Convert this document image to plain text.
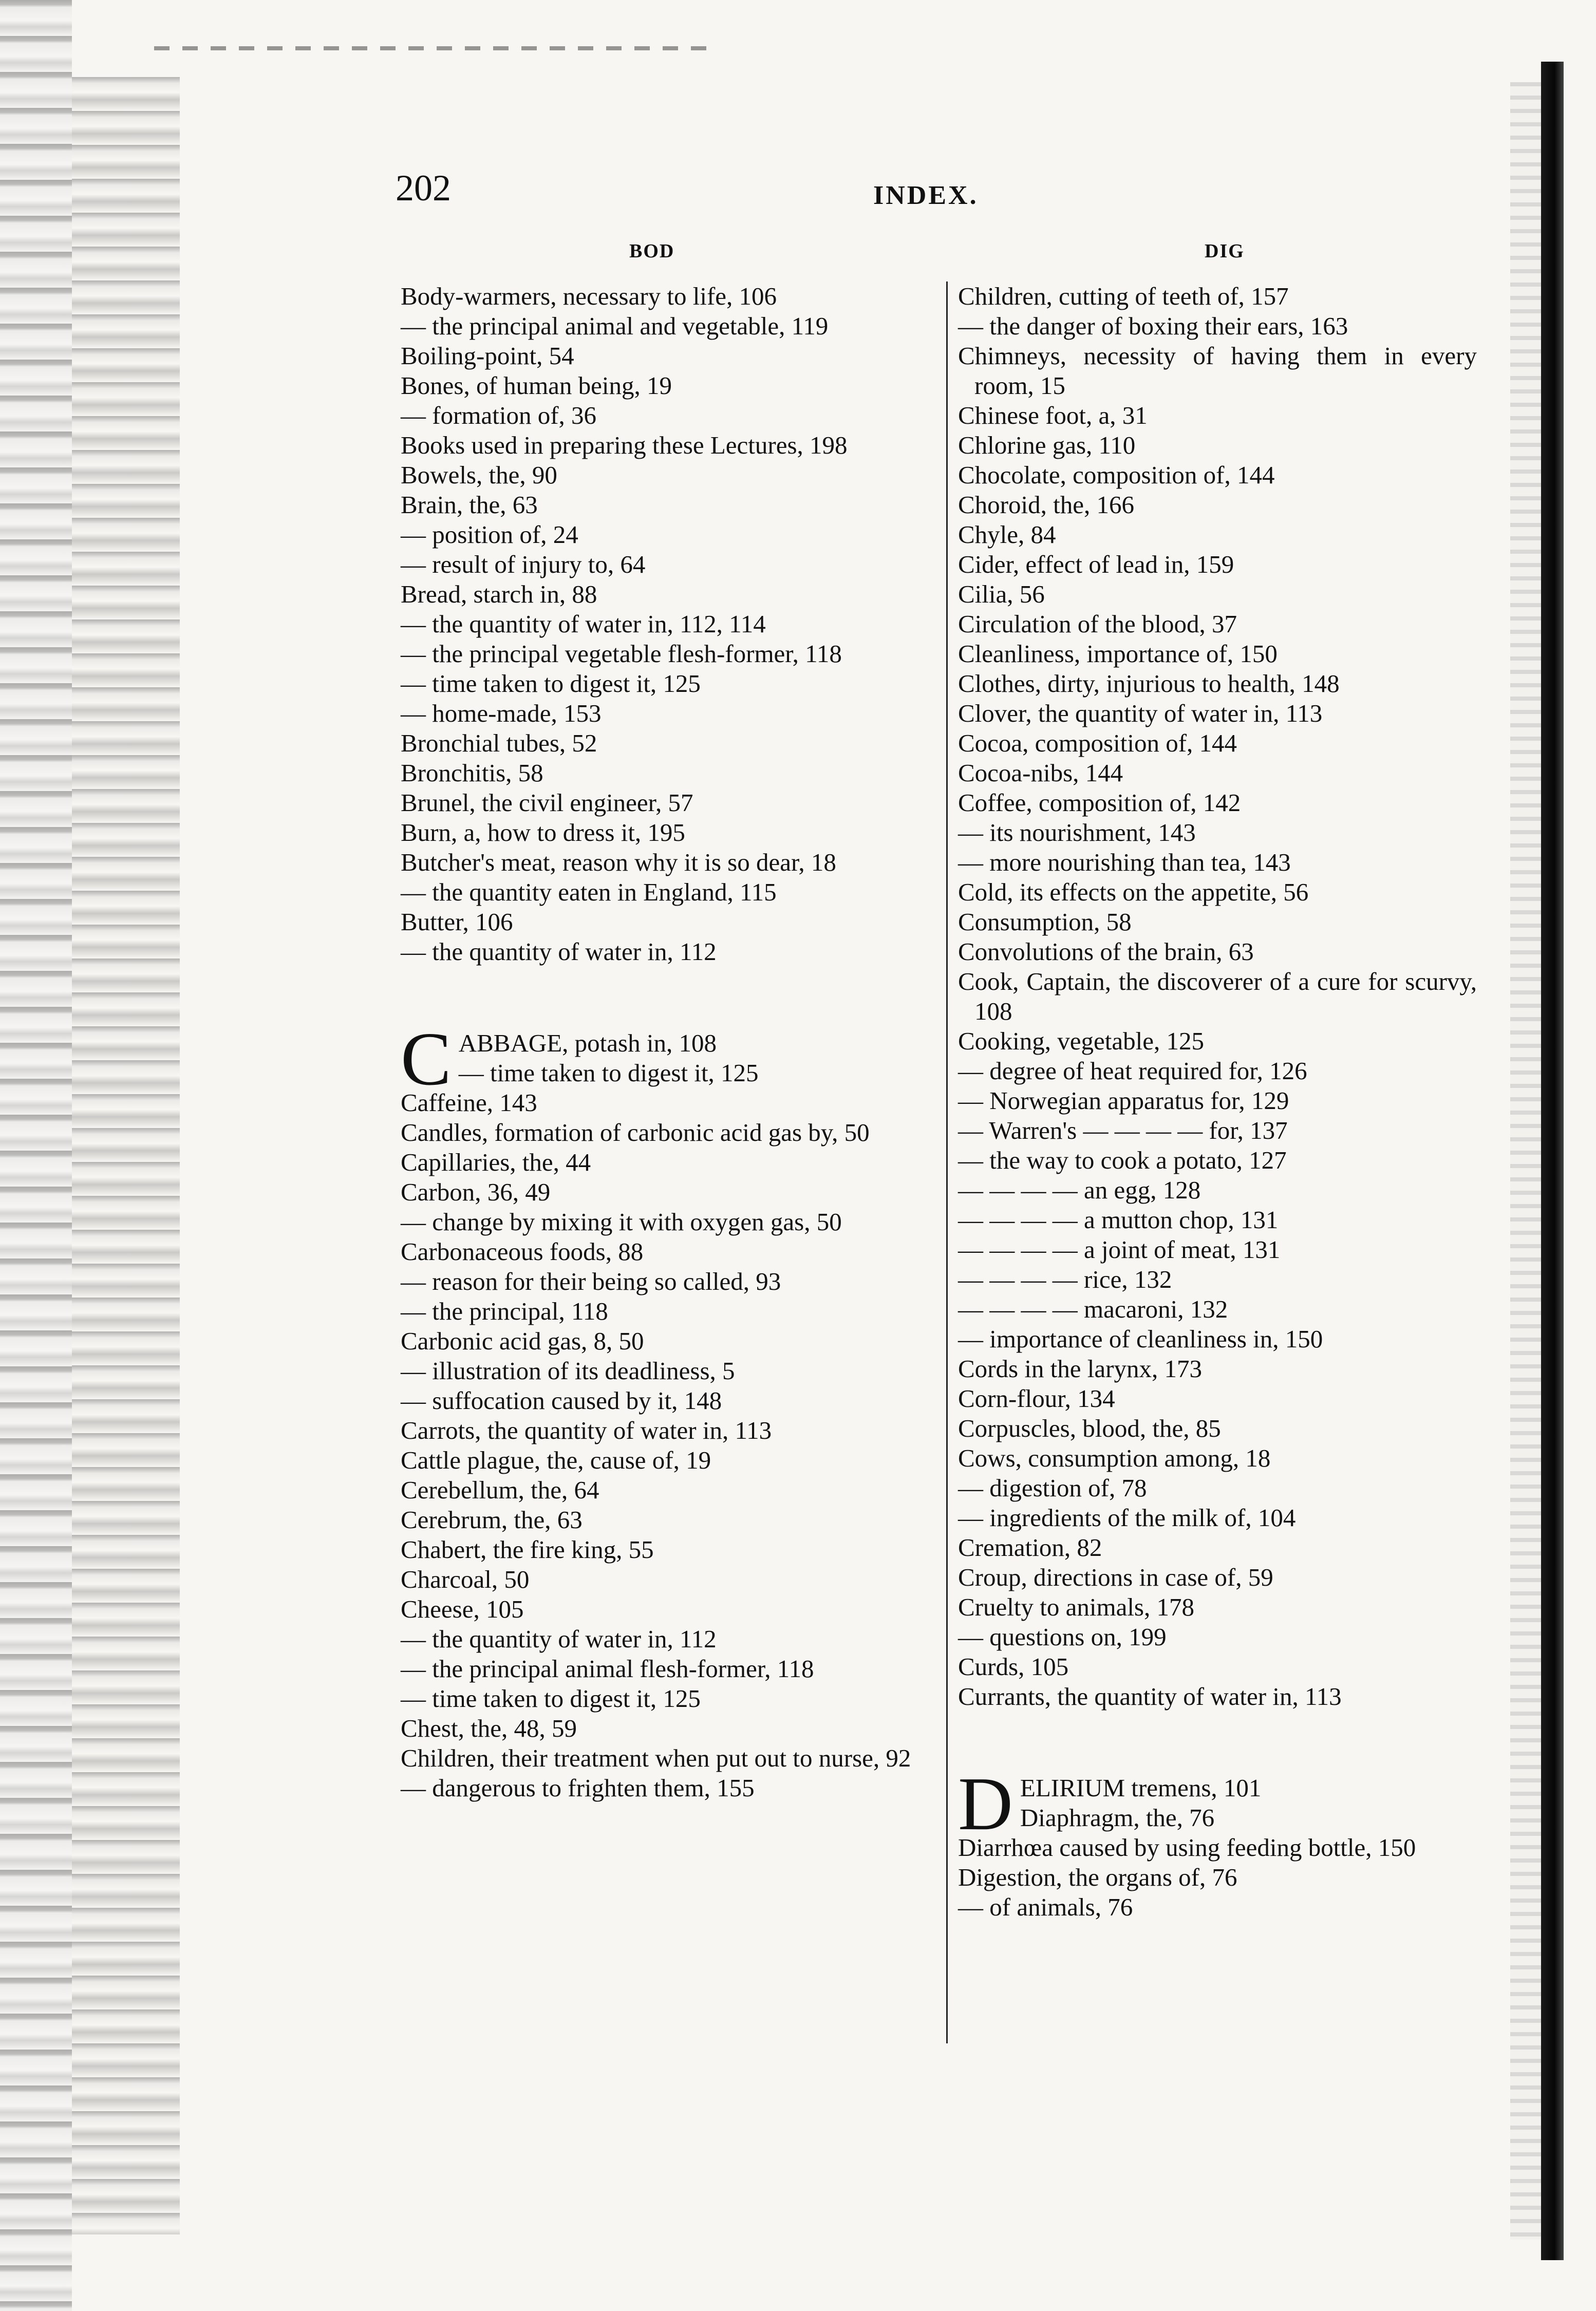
202	INDEX.
BOD	DIG

Body-warmers, necessary to life, 106

— the principal animal and vegetable, 119

Boiling-point, 54

Bones, of human being, 19

— formation of, 36

Books used in preparing these Lectures, 198

Bowels, the, 90

Brain, the, 63

— position of, 24

— result of injury to, 64

Bread, starch in, 88

— the quantity of water in, 112, 114

— the principal vegetable flesh-former, 118

— time taken to digest it, 125

— home-made, 153

Bronchial tubes, 52

Bronchitis, 58

Brunel, the civil engineer, 57

Burn, a, how to dress it, 195

Butcher's meat, reason why it is so dear, 18

— the quantity eaten in England, 115

Butter, 106

— the quantity of water in, 112

C ABBAGE, potash in, 108
— time taken to digest it, 125

Caffeine, 143

Candles, formation of carbonic acid gas by, 50

Capillaries, the, 44

Carbon, 36, 49

— change by mixing it with oxygen gas, 50

Carbonaceous foods, 88

— reason for their being so called, 93

— the principal, 118

Carbonic acid gas, 8, 50

— illustration of its deadliness, 5

— suffocation caused by it, 148

Carrots, the quantity of water in, 113

Cattle plague, the, cause of, 19

Cerebellum, the, 64

Cerebrum, the, 63

Chabert, the fire king, 55

Charcoal, 50

Cheese, 105

— the quantity of water in, 112

— the principal animal flesh-former, 118

— time taken to digest it, 125

Chest, the, 48, 59

Children, their treatment when put out to nurse, 92

— dangerous to frighten them, 155

Children, cutting of teeth of, 157

— the danger of boxing their ears, 163

Chimneys, necessity of having them in every room, 15

Chinese foot, a, 31

Chlorine gas, 110

Chocolate, composition of, 144

Choroid, the, 166

Chyle, 84

Cider, effect of lead in, 159

Cilia, 56

Circulation of the blood, 37

Cleanliness, importance of, 150

Clothes, dirty, injurious to health, 148

Clover, the quantity of water in, 113

Cocoa, composition of, 144

Cocoa-nibs, 144

Coffee, composition of, 142

— its nourishment, 143

— more nourishing than tea, 143

Cold, its effects on the appetite, 56

Consumption, 58

Convolutions of the brain, 63

Cook, Captain, the discoverer of a cure for scurvy, 108

Cooking, vegetable, 125

— degree of heat required for, 126

— Norwegian apparatus for, 129

— Warren's — — — — for, 137

— the way to cook a potato, 127

— — — — an egg, 128

— — — — a mutton chop, 131

— — — — a joint of meat, 131

— — — — rice, 132

— — — — macaroni, 132

— importance of cleanliness in, 150

Cords in the larynx, 173

Corn-flour, 134

Corpuscles, blood, the, 85

Cows, consumption among, 18

— digestion of, 78

— ingredients of the milk of, 104

Cremation, 82

Croup, directions in case of, 59

Cruelty to animals, 178

— questions on, 199

Curds, 105

Currants, the quantity of water in, 113

D ELIRIUM tremens, 101
Diaphragm, the, 76

Diarrhœa caused by using feeding bottle, 150

Digestion, the organs of, 76

— of animals, 76
